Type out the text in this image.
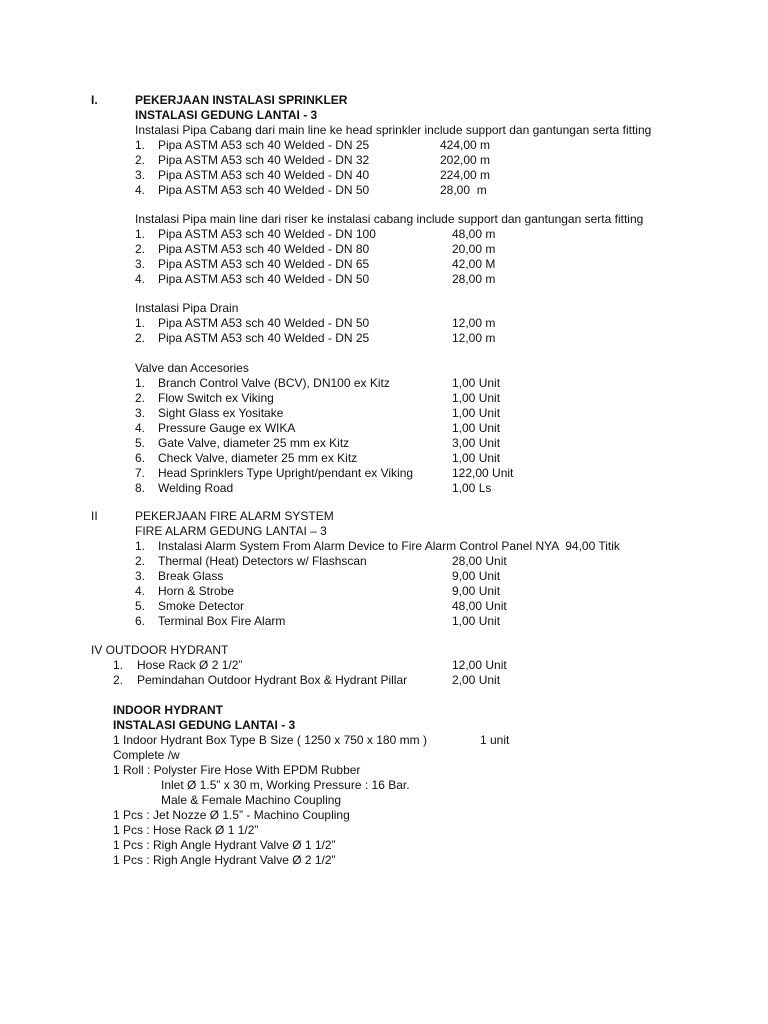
I.	PEKERJAAN INSTALASI SPRINKLER
INSTALASI GEDUNG LANTAI - 3
Instalasi Pipa Cabang dari main line ke head sprinkler include support dan gantungan serta fitting
1. Pipa ASTM A53 sch 40 Welded - DN 25	424,00 m
2. Pipa ASTM A53 sch 40 Welded - DN 32	202,00 m
3. Pipa ASTM A53 sch 40 Welded - DN 40	224,00 m
4. Pipa ASTM A53 sch 40 Welded - DN 50	28,00  m
Instalasi Pipa main line dari riser ke instalasi cabang include support dan gantungan serta fitting
1. Pipa ASTM A53 sch 40 Welded - DN 100	48,00 m
2. Pipa ASTM A53 sch 40 Welded - DN 80	20,00 m
3. Pipa ASTM A53 sch 40 Welded - DN 65	42,00 M
4. Pipa ASTM A53 sch 40 Welded - DN 50	28,00 m
Instalasi Pipa Drain
1. Pipa ASTM A53 sch 40 Welded - DN 50	12,00 m
2. Pipa ASTM A53 sch 40 Welded - DN 25	12,00 m
Valve dan Accesories
1. Branch Control Valve (BCV), DN100 ex Kitz	1,00 Unit
2. Flow Switch ex Viking	1,00 Unit
3. Sight Glass ex Yositake	1,00 Unit
4. Pressure Gauge ex WIKA	1,00 Unit
5. Gate Valve, diameter 25 mm ex Kitz	3,00 Unit
6. Check Valve, diameter 25 mm ex Kitz	1,00 Unit
7. Head Sprinklers Type Upright/pendant ex Viking	122,00 Unit
8. Welding Road	1,00 Ls
II	PEKERJAAN FIRE ALARM SYSTEM
FIRE ALARM GEDUNG LANTAI – 3
1. Instalasi Alarm System From Alarm Device to Fire Alarm Control Panel NYA  94,00 Titik
2. Thermal (Heat) Detectors w/ Flashscan	28,00 Unit
3. Break Glass	9,00 Unit
4. Horn & Strobe	9,00 Unit
5. Smoke Detector	48,00 Unit
6. Terminal Box Fire Alarm	1,00 Unit
IV OUTDOOR HYDRANT
1. Hose Rack Ø 2 1/2”	12,00 Unit
2. Pemindahan Outdoor Hydrant Box & Hydrant Pillar	2,00 Unit
INDOOR HYDRANT
INSTALASI GEDUNG LANTAI - 3
1 Indoor Hydrant Box Type B Size ( 1250 x 750 x 180 mm )	1 unit
Complete /w
1 Roll : Polyster Fire Hose With EPDM Rubber
Inlet Ø 1.5” x 30 m, Working Pressure : 16 Bar.
Male & Female Machino Coupling
1 Pcs : Jet Nozze Ø 1.5” - Machino Coupling
1 Pcs : Hose Rack Ø 1 1/2”
1 Pcs : Righ Angle Hydrant Valve Ø 1 1/2”
1 Pcs : Righ Angle Hydrant Valve Ø 2 1/2”
